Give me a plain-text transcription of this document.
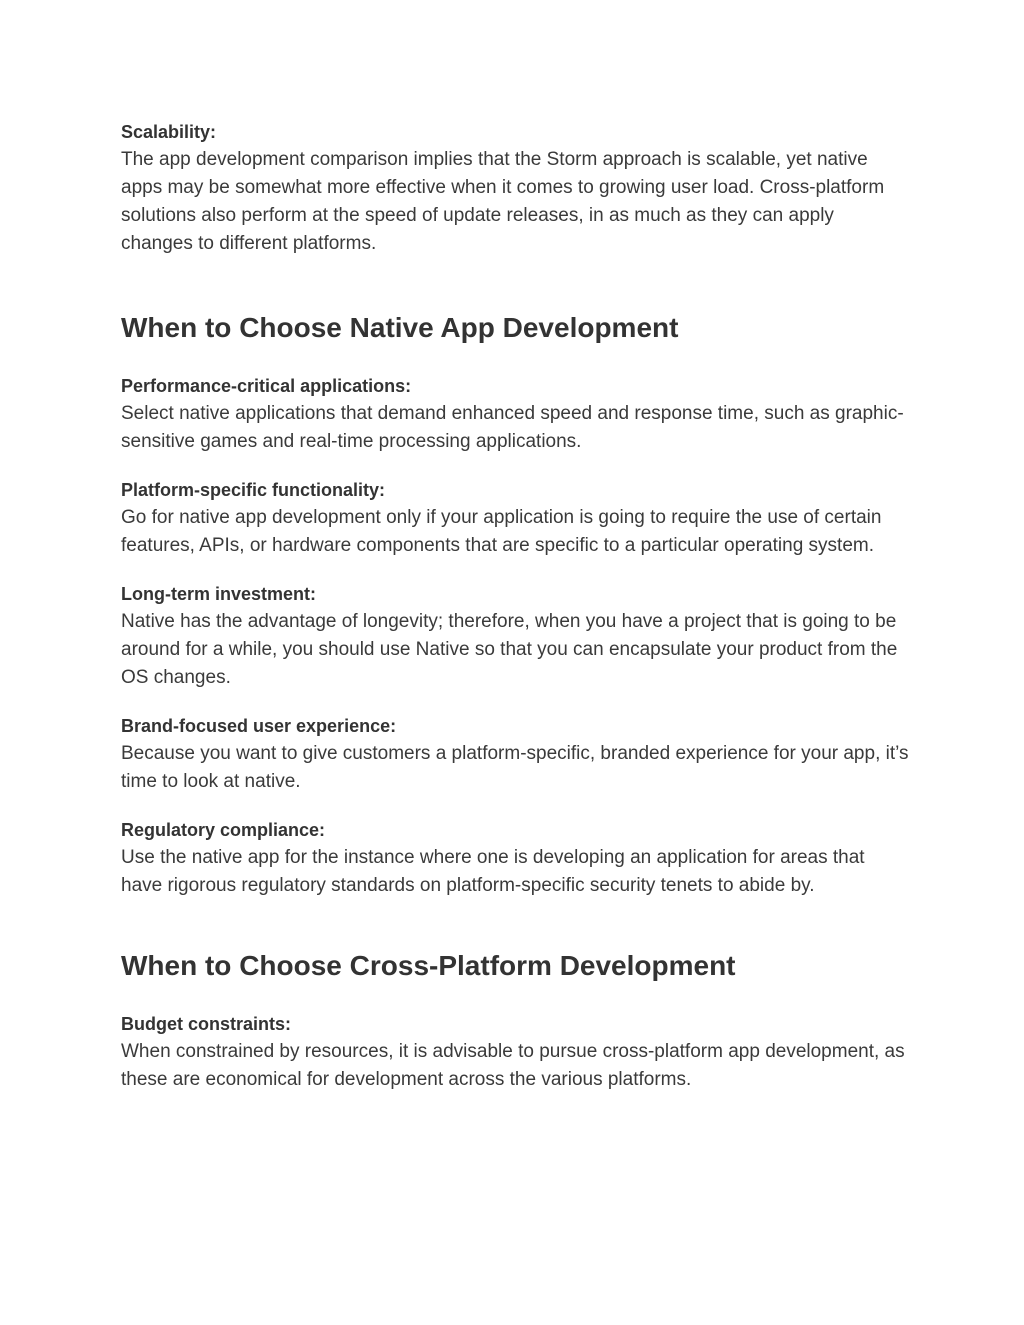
Scalability:

The app development comparison implies that the Storm approach is scalable, yet native apps may be somewhat more effective when it comes to growing user load. Cross-platform solutions also perform at the speed of update releases, in as much as they can apply changes to different platforms.

When to Choose Native App Development

Performance-critical applications:

Select native applications that demand enhanced speed and response time, such as graphic-sensitive games and real-time processing applications.

Platform-specific functionality:

Go for native app development only if your application is going to require the use of certain features, APIs, or hardware components that are specific to a particular operating system.

Long-term investment:

Native has the advantage of longevity; therefore, when you have a project that is going to be around for a while, you should use Native so that you can encapsulate your product from the OS changes.

Brand-focused user experience:

Because you want to give customers a platform-specific, branded experience for your app, it’s time to look at native.

Regulatory compliance:

Use the native app for the instance where one is developing an application for areas that have rigorous regulatory standards on platform-specific security tenets to abide by.

When to Choose Cross-Platform Development

Budget constraints:

When constrained by resources, it is advisable to pursue cross-platform app development, as these are economical for development across the various platforms.
